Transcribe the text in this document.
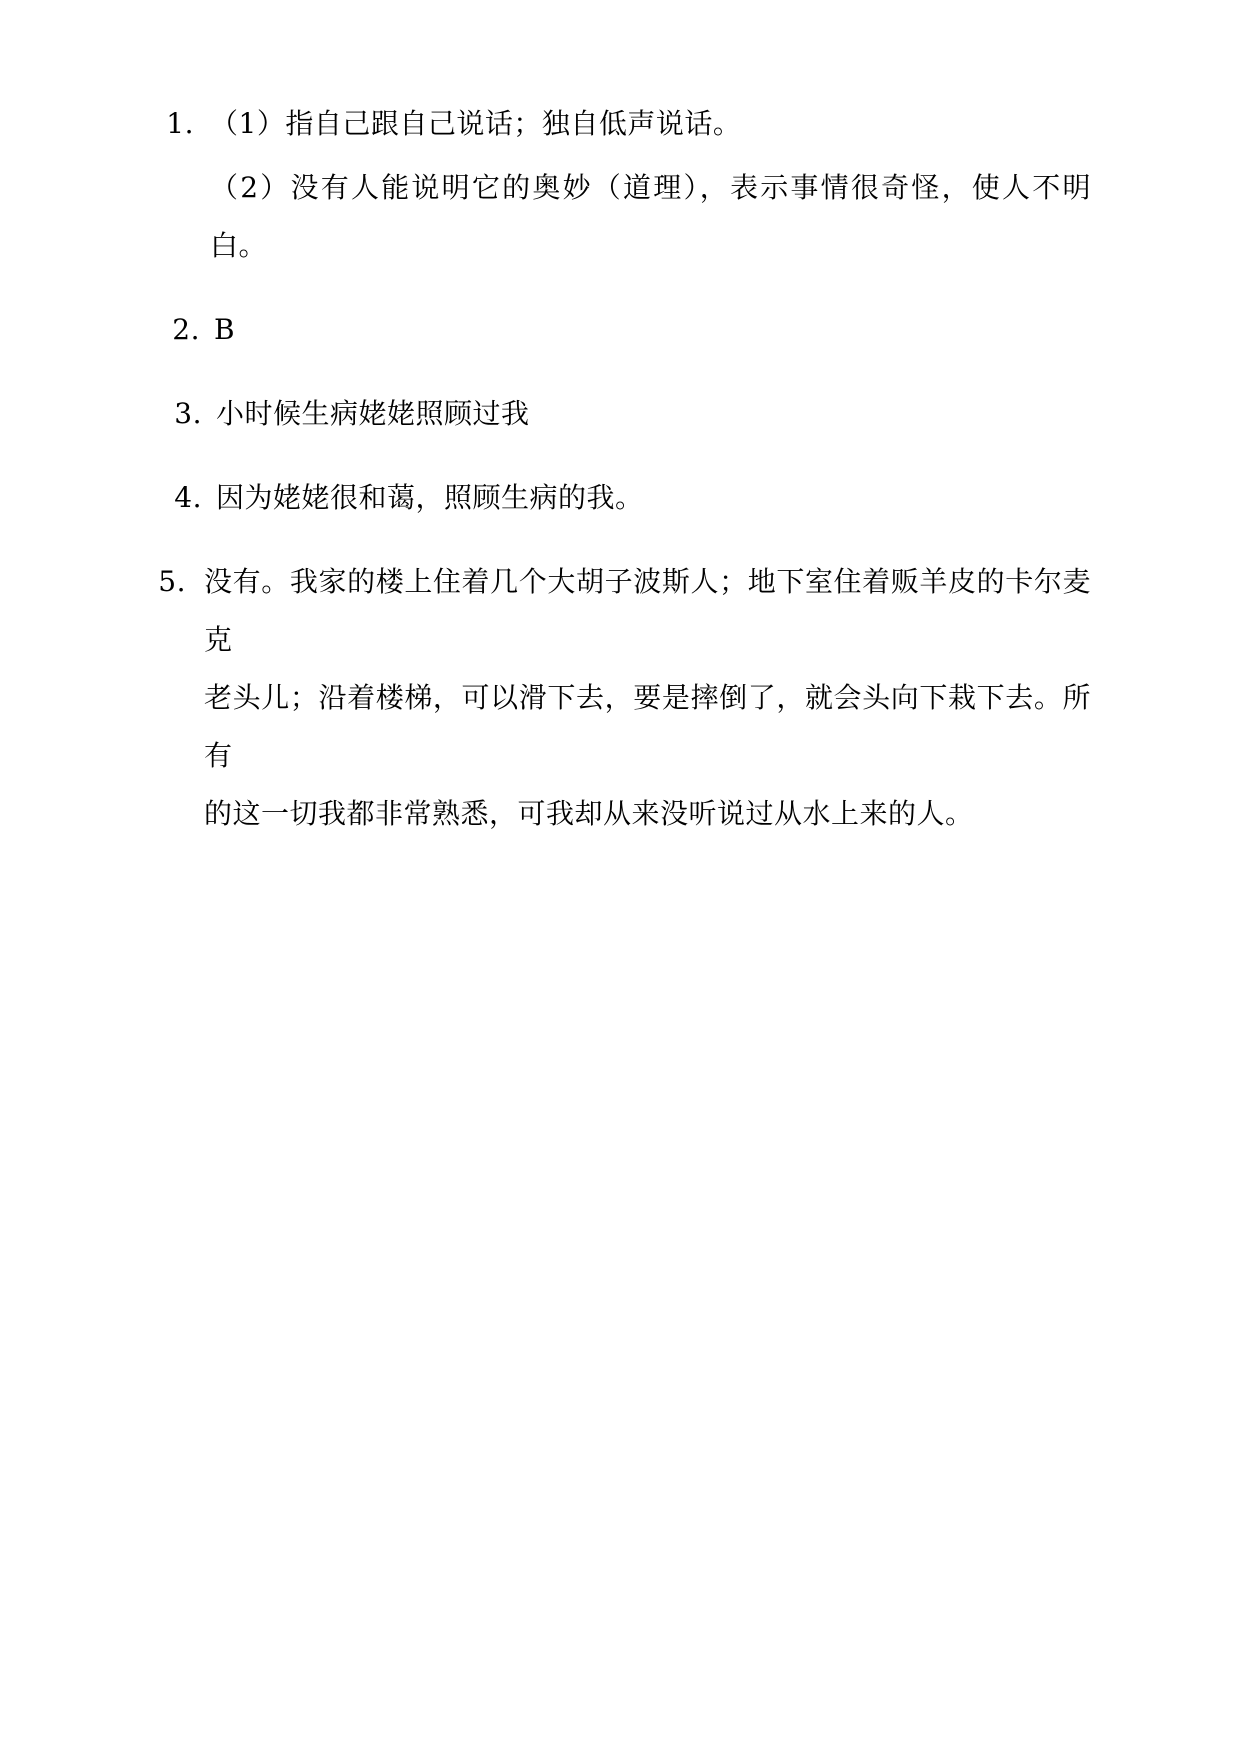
1. （1）指自己跟自己说话；独自低声说话。
（2）没有人能说明它的奥妙（道理），表示事情很奇怪，使人不明白。
2. B
3. 小时候生病姥姥照顾过我
4. 因为姥姥很和蔼，照顾生病的我。
5. 没有。我家的楼上住着几个大胡子波斯人；地下室住着贩羊皮的卡尔麦克
老头儿；沿着楼梯，可以滑下去，要是摔倒了，就会头向下栽下去。所有
的这一切我都非常熟悉，可我却从来没听说过从水上来的人。
